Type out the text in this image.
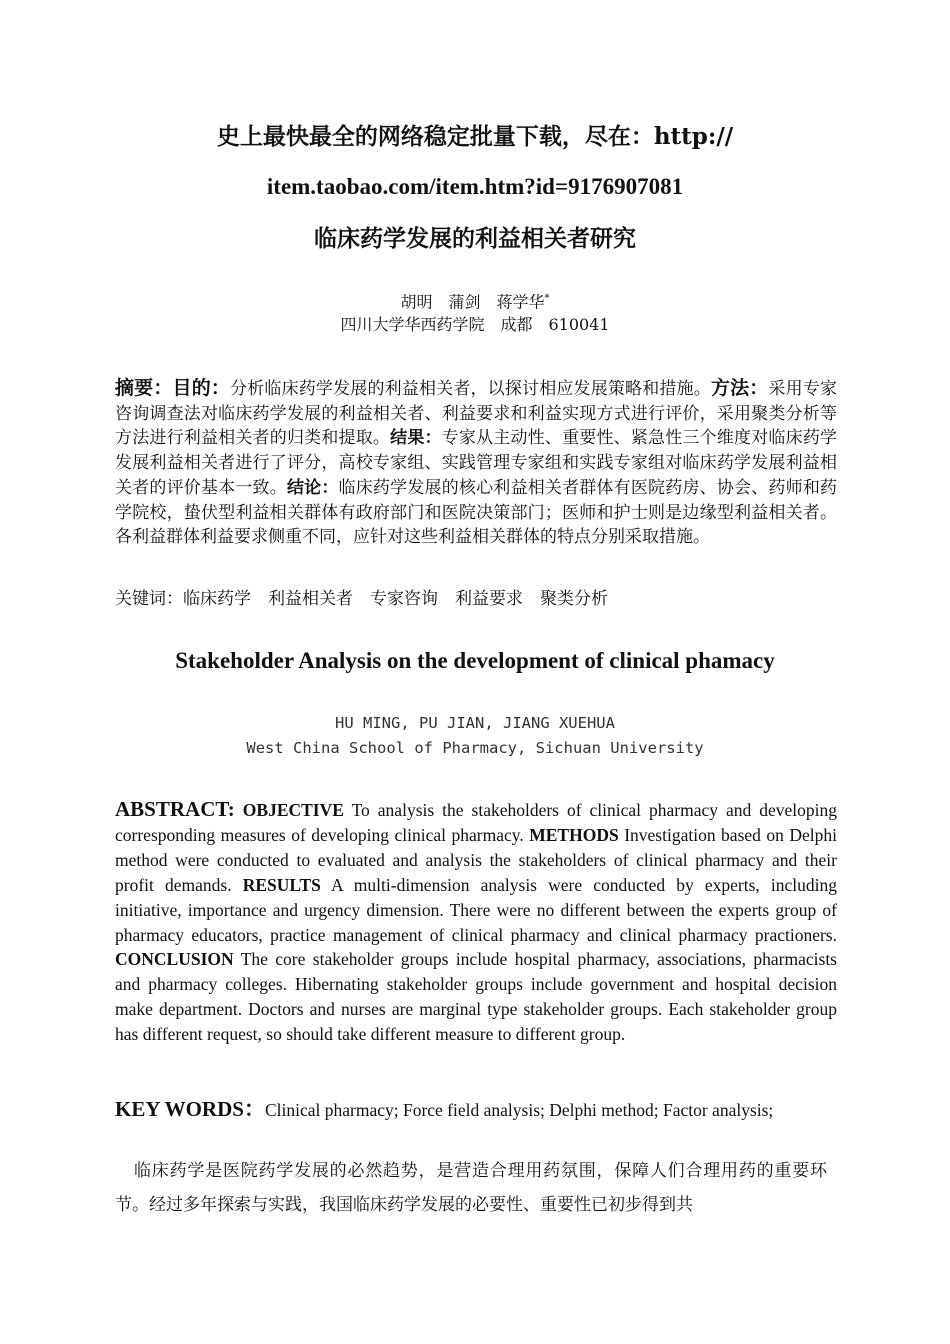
史上最快最全的网络稳定批量下载，尽在：http://
item.taobao.com/item.htm?id=9176907081
临床药学发展的利益相关者研究
胡明　蒲剑　蒋学华*
四川大学华西药学院　成都　610041
摘要：目的：分析临床药学发展的利益相关者，以探讨相应发展策略和措施。方法：采用专家咨询调查法对临床药学发展的利益相关者、利益要求和利益实现方式进行评价，采用聚类分析等方法进行利益相关者的归类和提取。结果：专家从主动性、重要性、紧急性三个维度对临床药学发展利益相关者进行了评分，高校专家组、实践管理专家组和实践专家组对临床药学发展利益相关者的评价基本一致。结论：临床药学发展的核心利益相关者群体有医院药房、协会、药师和药学院校，蛰伏型利益相关群体有政府部门和医院决策部门；医师和护士则是边缘型利益相关者。各利益群体利益要求侧重不同，应针对这些利益相关群体的特点分别采取措施。
关键词：临床药学　利益相关者　专家咨询　利益要求　聚类分析
Stakeholder Analysis on the development of clinical phamacy
HU MING, PU JIAN, JIANG XUEHUA
West China School of Pharmacy, Sichuan University
ABSTRACT: OBJECTIVE To analysis the stakeholders of clinical pharmacy and developing corresponding measures of developing clinical pharmacy. METHODS Investigation based on Delphi method were conducted to evaluated and analysis the stakeholders of clinical pharmacy and their profit demands. RESULTS A multi-dimension analysis were conducted by experts, including initiative, importance and urgency dimension. There were no different between the experts group of pharmacy educators, practice management of clinical pharmacy and clinical pharmacy practioners. CONCLUSION The core stakeholder groups include hospital pharmacy, associations, pharmacists and pharmacy colleges. Hibernating stakeholder groups include government and hospital decision make department. Doctors and nurses are marginal type stakeholder groups. Each stakeholder group has different request, so should take different measure to different group.
KEY WORDS：Clinical pharmacy; Force field analysis; Delphi method; Factor analysis;
临床药学是医院药学发展的必然趋势，是营造合理用药氛围，保障人们合理用药的重要环节。经过多年探索与实践，我国临床药学发展的必要性、重要性已初步得到共
